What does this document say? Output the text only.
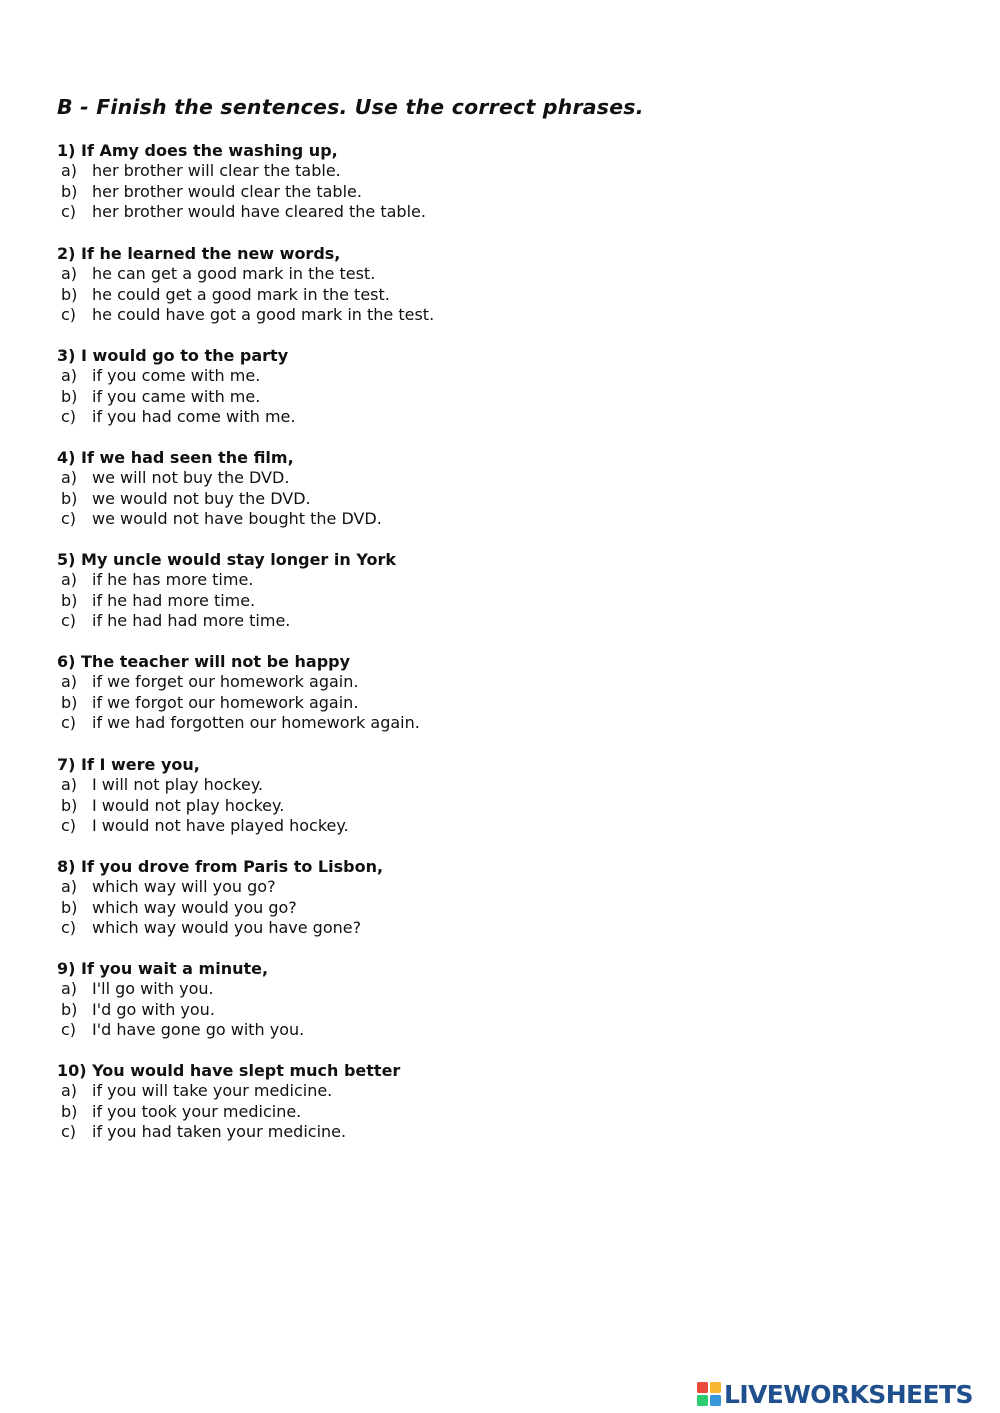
B - Finish the sentences. Use the correct phrases.
1) If Amy does the washing up,
a) her brother will clear the table.
b) her brother would clear the table.
c) her brother would have cleared the table.
2) If he learned the new words,
a) he can get a good mark in the test.
b) he could get a good mark in the test.
c) he could have got a good mark in the test.
3) I would go to the party
a) if you come with me.
b) if you came with me.
c) if you had come with me.
4) If we had seen the film,
a) we will not buy the DVD.
b) we would not buy the DVD.
c) we would not have bought the DVD.
5) My uncle would stay longer in York
a) if he has more time.
b) if he had more time.
c) if he had had more time.
6) The teacher will not be happy
a) if we forget our homework again.
b) if we forgot our homework again.
c) if we had forgotten our homework again.
7) If I were you,
a) I will not play hockey.
b) I would not play hockey.
c) I would not have played hockey.
8) If you drove from Paris to Lisbon,
a) which way will you go?
b) which way would you go?
c) which way would you have gone?
9) If you wait a minute,
a) I'll go with you.
b) I'd go with you.
c) I'd have gone go with you.
10) You would have slept much better
a) if you will take your medicine.
b) if you took your medicine.
c) if you had taken your medicine.
LIVEWORKSHEETS
